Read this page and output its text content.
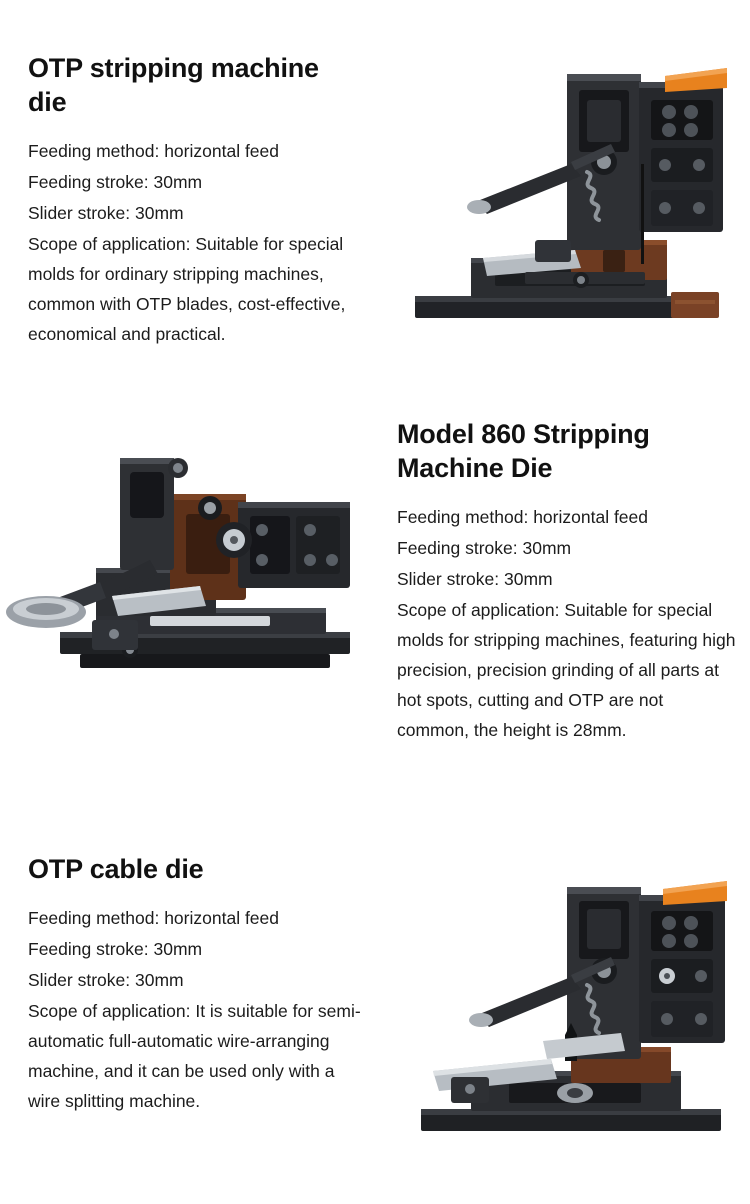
OTP stripping machine die

Feeding method: horizontal feed

Feeding stroke: 30mm

Slider stroke: 30mm

Scope of application: Suitable for special molds for ordinary stripping machines, common with OTP blades, cost-effective, economical and practical.

Model 860 Stripping Machine Die

Feeding method: horizontal feed

Feeding stroke: 30mm

Slider stroke: 30mm

Scope of application: Suitable for special molds for stripping machines, featuring high precision, precision grinding of all parts at hot spots, cutting and OTP are not common, the height is 28mm.

OTP cable die

Feeding method: horizontal feed

Feeding stroke: 30mm

Slider stroke: 30mm

Scope of application: It is suitable for semi-automatic full-automatic wire-arranging machine, and it can be used only with a wire splitting machine.
